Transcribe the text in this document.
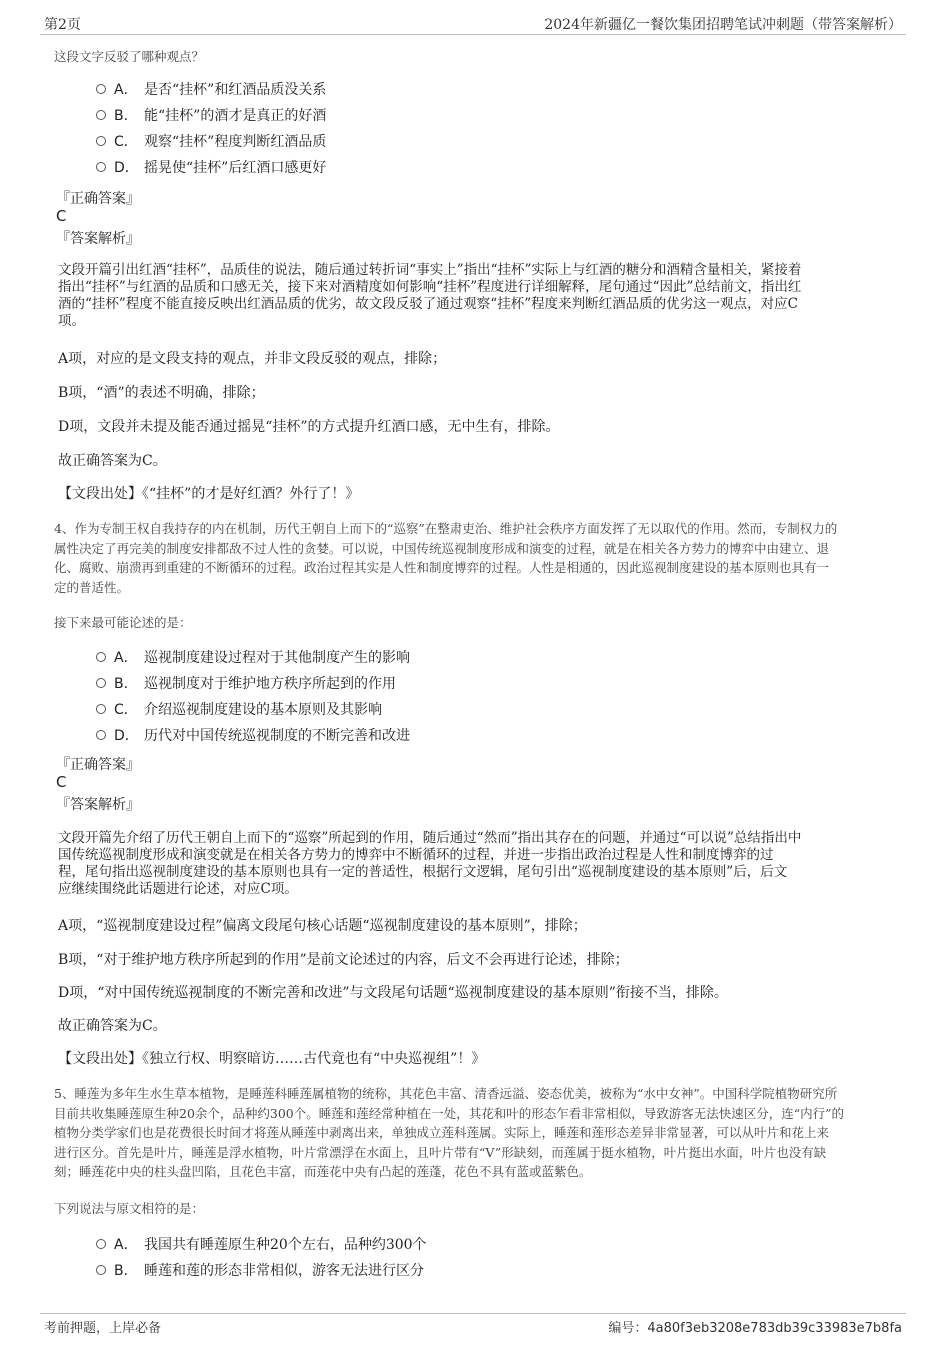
第2页	2024年新疆亿一餐饮集团招聘笔试冲刺题（带答案解析）
这段文字反驳了哪种观点？
A． 是否“挂杯”和红酒品质没关系
B． 能“挂杯”的酒才是真正的好酒
C． 观察“挂杯”程度判断红酒品质
D． 摇晃使“挂杯”后红酒口感更好
『正确答案』
C
『答案解析』
文段开篇引出红酒“挂杯”，品质佳的说法，随后通过转折词“事实上”指出“挂杯”实际上与红酒的糖分和酒精含量相关，紧接着
指出“挂杯”与红酒的品质和口感无关，接下来对酒精度如何影响“挂杯”程度进行详细解释，尾句通过“因此”总结前文，指出红
酒的“挂杯”程度不能直接反映出红酒品质的优劣，故文段反驳了通过观察“挂杯”程度来判断红酒品质的优劣这一观点，对应C
项。
A项，对应的是文段支持的观点，并非文段反驳的观点，排除；
B项，“酒”的表述不明确，排除；
D项，文段并未提及能否通过摇晃“挂杯”的方式提升红酒口感，无中生有，排除。
故正确答案为C。
【文段出处】《“挂杯”的才是好红酒？外行了！》
4、作为专制王权自我持存的内在机制，历代王朝自上而下的“巡察”在整肃吏治、维护社会秩序方面发挥了无以取代的作用。然而，专制权力的
属性决定了再完美的制度安排都敌不过人性的贪婪。可以说，中国传统巡视制度形成和演变的过程，就是在相关各方势力的博弈中由建立、退
化、腐败、崩溃再到重建的不断循环的过程。政治过程其实是人性和制度博弈的过程。人性是相通的，因此巡视制度建设的基本原则也具有一
定的普适性。
接下来最可能论述的是：
A． 巡视制度建设过程对于其他制度产生的影响
B． 巡视制度对于维护地方秩序所起到的作用
C． 介绍巡视制度建设的基本原则及其影响
D． 历代对中国传统巡视制度的不断完善和改进
『正确答案』
C
『答案解析』
文段开篇先介绍了历代王朝自上而下的“巡察”所起到的作用，随后通过“然而”指出其存在的问题，并通过“可以说”总结指出中
国传统巡视制度形成和演变就是在相关各方势力的博弈中不断循环的过程，并进一步指出政治过程是人性和制度博弈的过
程，尾句指出巡视制度建设的基本原则也具有一定的普适性，根据行文逻辑，尾句引出“巡视制度建设的基本原则”后，后文
应继续围绕此话题进行论述，对应C项。
A项，“巡视制度建设过程”偏离文段尾句核心话题“巡视制度建设的基本原则”，排除；
B项，“对于维护地方秩序所起到的作用”是前文论述过的内容，后文不会再进行论述，排除；
D项，“对中国传统巡视制度的不断完善和改进”与文段尾句话题“巡视制度建设的基本原则”衔接不当，排除。
故正确答案为C。
【文段出处】《独立行权、明察暗访……古代竟也有“中央巡视组”！》
5、睡莲为多年生水生草本植物，是睡莲科睡莲属植物的统称，其花色丰富、清香远溢、姿态优美，被称为“水中女神”。中国科学院植物研究所
目前共收集睡莲原生种20余个，品种约300个。睡莲和莲经常种植在一处，其花和叶的形态乍看非常相似，导致游客无法快速区分，连“内行”的
植物分类学家们也是花费很长时间才将莲从睡莲中剥离出来，单独成立莲科莲属。实际上，睡莲和莲形态差异非常显著，可以从叶片和花上来
进行区分。首先是叶片，睡莲是浮水植物，叶片常漂浮在水面上，且叶片带有“V”形缺刻，而莲属于挺水植物，叶片挺出水面，叶片也没有缺
刻；睡莲花中央的柱头盘凹陷，且花色丰富，而莲花中央有凸起的莲蓬，花色不具有蓝或蓝紫色。
下列说法与原文相符的是：
A． 我国共有睡莲原生种20个左右，品种约300个
B． 睡莲和莲的形态非常相似，游客无法进行区分
考前押题，上岸必备	编号：4a80f3eb3208e783db39c33983e7b8fa
